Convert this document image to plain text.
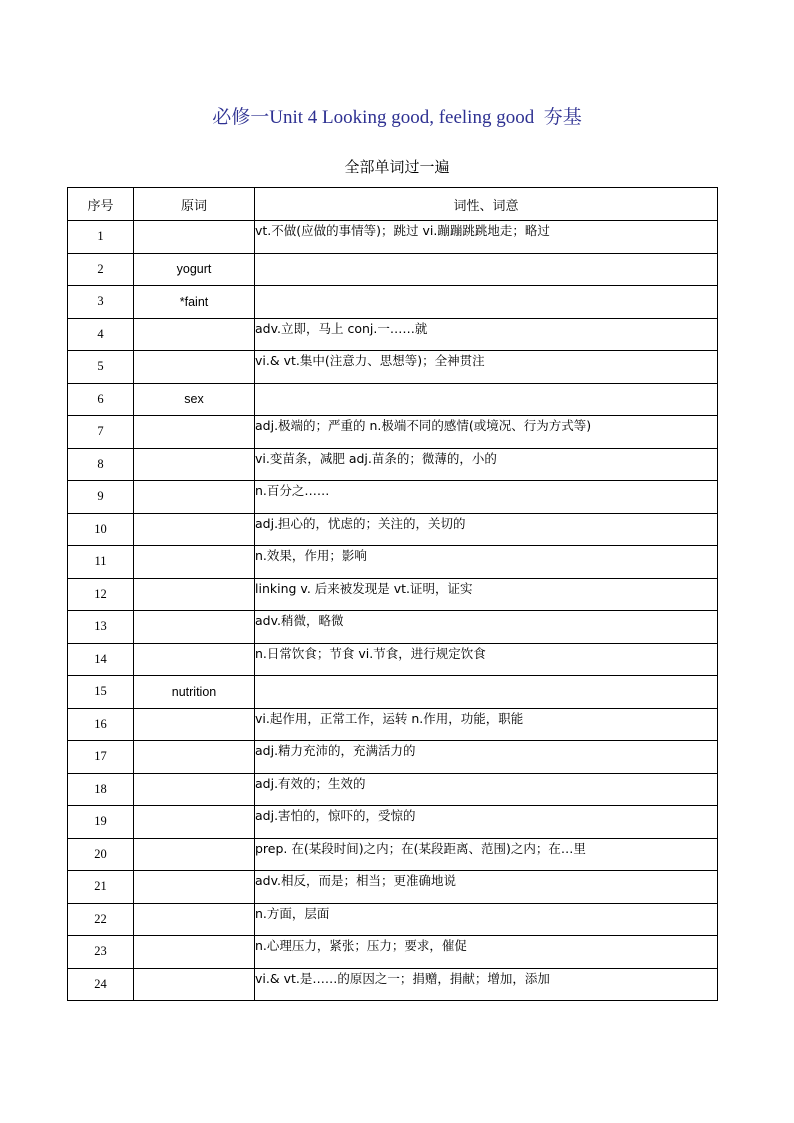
必修一Unit 4 Looking good, feeling good  夯基
全部单词过一遍
序号	原词	词性、词意
1		vt.不做(应做的事情等)；跳过 vi.蹦蹦跳跳地走；略过
2	yogurt	
3	*faint	
4		adv.立即，马上 conj.一……就
5		vi.& vt.集中(注意力、思想等)；全神贯注
6	sex	
7		adj.极端的；严重的 n.极端不同的感情(或境况、行为方式等)
8		vi.变苗条，减肥 adj.苗条的；微薄的，小的
9		n.百分之……
10		adj.担心的，忧虑的；关注的，关切的
11		n.效果，作用；影响
12		linking v. 后来被发现是 vt.证明，证实
13		adv.稍微，略微
14		n.日常饮食；节食 vi.节食，进行规定饮食
15	nutrition	
16		vi.起作用，正常工作，运转 n.作用，功能，职能
17		adj.精力充沛的，充满活力的
18		adj.有效的；生效的
19		adj.害怕的，惊吓的，受惊的
20		prep. 在(某段时间)之内；在(某段距离、范围)之内；在…里
21		adv.相反，而是；相当；更准确地说
22		n.方面，层面
23		n.心理压力，紧张；压力；要求，催促
24		vi.& vt.是……的原因之一；捐赠，捐献；增加，添加
